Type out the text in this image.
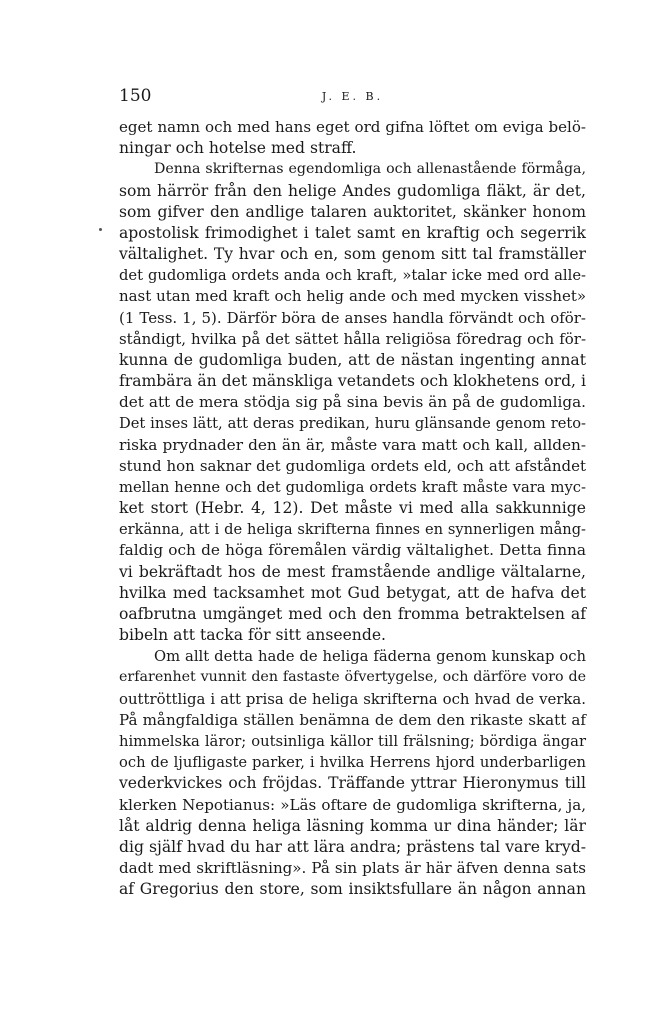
150	J. E. B.
eget namn och med hans eget ord gifna löftet om eviga belö-
ningar och hotelse med straff.
Denna skrifternas egendomliga och allenastående förmåga,
som härrör från den helige Andes gudomliga fläkt, är det,
som gifver den andlige talaren auktoritet, skänker honom
apostolisk frimodighet i talet samt en kraftig och segerrik
vältalighet. Ty hvar och en, som genom sitt tal framställer
det gudomliga ordets anda och kraft, »talar icke med ord alle-
nast utan med kraft och helig ande och med mycken visshet»
(1 Tess. 1, 5). Därför böra de anses handla förvändt och oför-
ståndigt, hvilka på det sättet hålla religiösa föredrag och för-
kunna de gudomliga buden, att de nästan ingenting annat
frambära än det mänskliga vetandets och klokhetens ord, i
det att de mera stödja sig på sina bevis än på de gudomliga.
Det inses lätt, att deras predikan, huru glänsande genom reto-
riska prydnader den än är, måste vara matt och kall, allden-
stund hon saknar det gudomliga ordets eld, och att afståndet
mellan henne och det gudomliga ordets kraft måste vara myc-
ket stort (Hebr. 4, 12). Det måste vi med alla sakkunnige
erkänna, att i de heliga skrifterna finnes en synnerligen mång-
faldig och de höga föremålen värdig vältalighet. Detta finna
vi bekräftadt hos de mest framstående andlige vältalarne,
hvilka med tacksamhet mot Gud betygat, att de hafva det
oafbrutna umgänget med och den fromma betraktelsen af
bibeln att tacka för sitt anseende.
Om allt detta hade de heliga fäderna genom kunskap och
erfarenhet vunnit den fastaste öfvertygelse, och därföre voro de
outtröttliga i att prisa de heliga skrifterna och hvad de verka.
På mångfaldiga ställen benämna de dem den rikaste skatt af
himmelska läror; outsinliga källor till frälsning; bördiga ängar
och de ljufligaste parker, i hvilka Herrens hjord underbarligen
vederkvickes och fröjdas. Träffande yttrar Hieronymus till
klerken Nepotianus: »Läs oftare de gudomliga skrifterna, ja,
låt aldrig denna heliga läsning komma ur dina händer; lär
dig själf hvad du har att lära andra; prästens tal vare kryd-
dadt med skriftläsning». På sin plats är här äfven denna sats
af Gregorius den store, som insiktsfullare än någon annan
